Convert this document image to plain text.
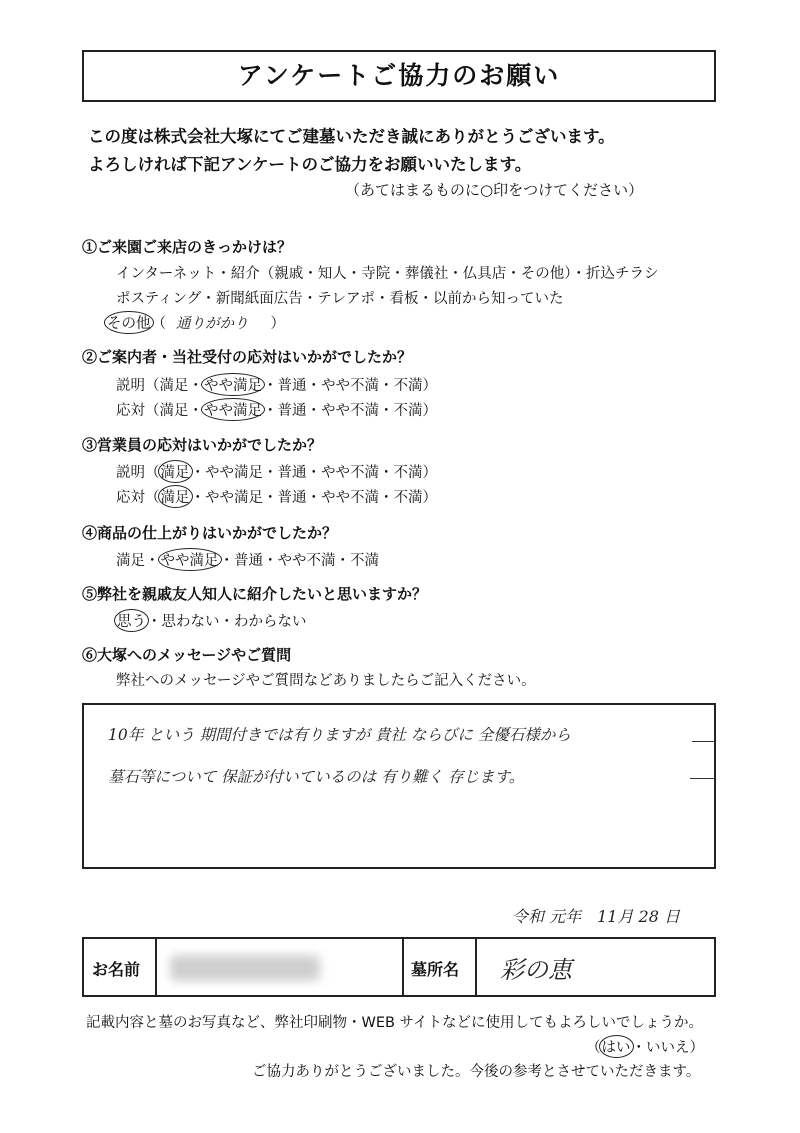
アンケートご協力のお願い
この度は株式会社大塚にてご建墓いただき誠にありがとうございます。
よろしければ下記アンケートのご協力をお願いいたします。
（あてはまるものに○印をつけてください）
①ご来園ご来店のきっかけは？
インターネット・紹介（親戚・知人・寺院・葬儀社・仏具店・その他）・折込チラシ
ポスティング・新聞紙面広告・テレアポ・看板・以前から知っていた
その他（ 通りがかり ）
②ご案内者・当社受付の応対はいかがでしたか？
説明（満足・やや満足・普通・やや不満・不満）
応対（満足・やや満足・普通・やや不満・不満）
③営業員の応対はいかがでしたか？
説明（満足・やや満足・普通・やや不満・不満）
応対（満足・やや満足・普通・やや不満・不満）
④商品の仕上がりはいかがでしたか？
満足・やや満足・普通・やや不満・不満
⑤弊社を親戚友人知人に紹介したいと思いますか？
思う・思わない・わからない
⑥大塚へのメッセージやご質問
弊社へのメッセージやご質問などありましたらご記入ください。
10年 という 期間付きでは有りますが 貴社 ならびに 全優石様から
墓石等について 保証が付いているのは 有り難く 存じます。
令和 元年　11月 28 日
お名前	墓所名 彩の恵
記載内容と墓のお写真など、弊社印刷物・WEB サイトなどに使用してもよろしいでしょうか。
（はい・いいえ）
ご協力ありがとうございました。今後の参考とさせていただきます。
